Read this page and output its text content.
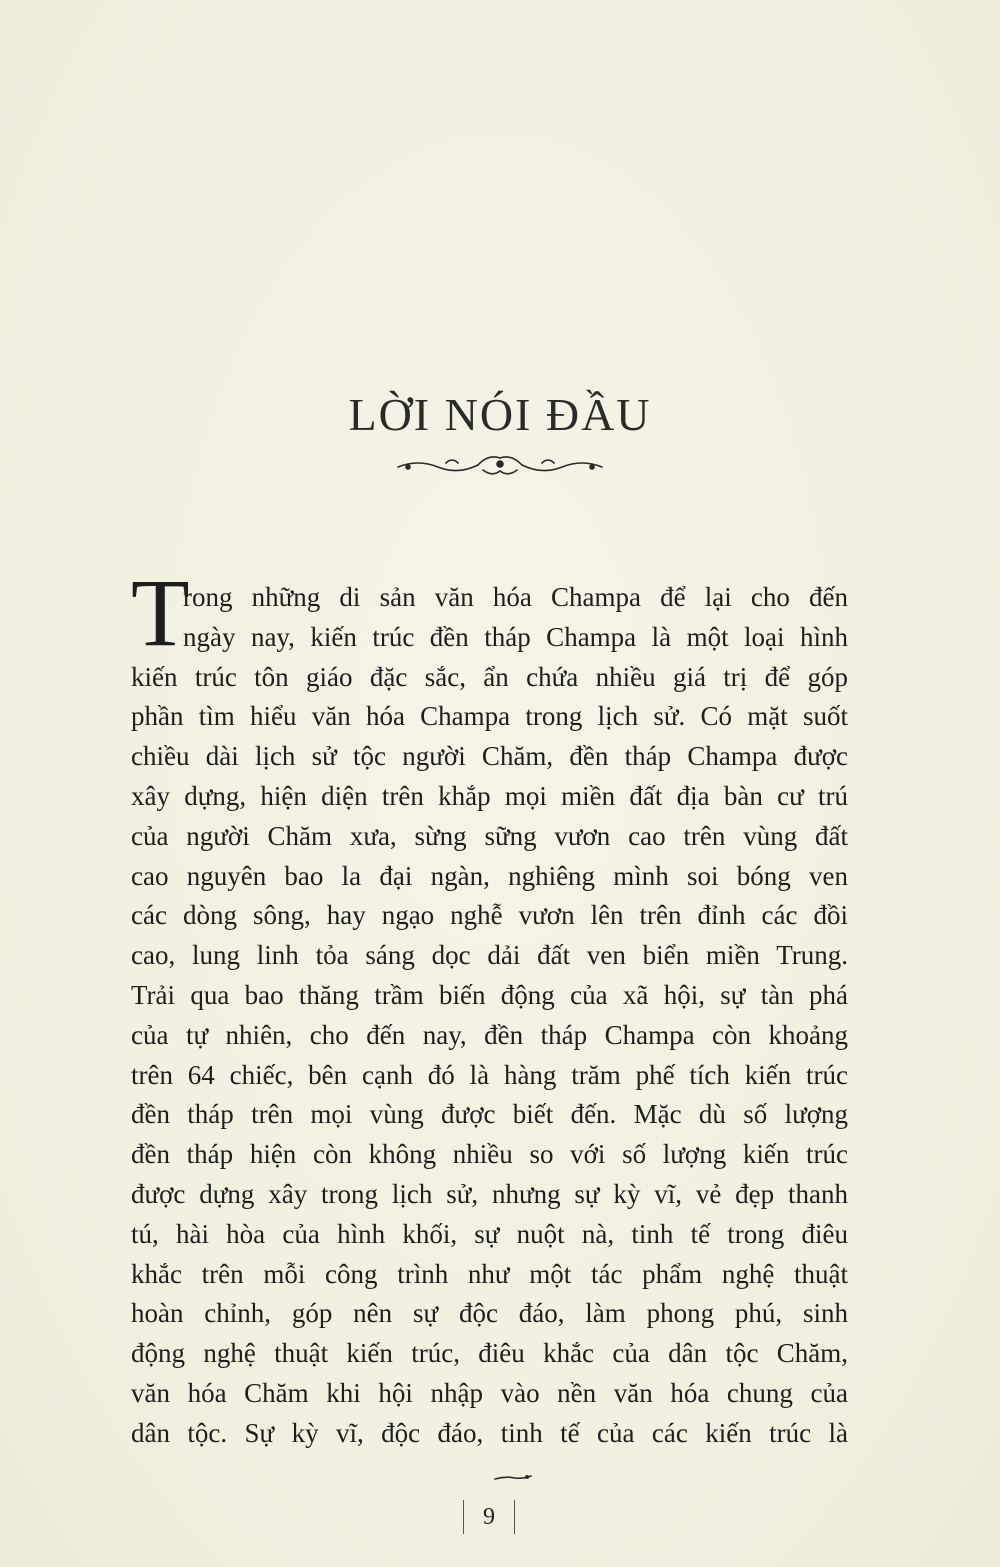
LỜI NÓI ĐẦU
T
rong những di sản văn hóa Champa để lại cho đến
ngày nay, kiến trúc đền tháp Champa là một loại hình
kiến trúc tôn giáo đặc sắc, ẩn chứa nhiều giá trị để góp
phần tìm hiểu văn hóa Champa trong lịch sử. Có mặt suốt
chiều dài lịch sử tộc người Chăm, đền tháp Champa được
xây dựng, hiện diện trên khắp mọi miền đất địa bàn cư trú
của người Chăm xưa, sừng sững vươn cao trên vùng đất
cao nguyên bao la đại ngàn, nghiêng mình soi bóng ven
các dòng sông, hay ngạo nghễ vươn lên trên đỉnh các đồi
cao, lung linh tỏa sáng dọc dải đất ven biển miền Trung.
Trải qua bao thăng trầm biến động của xã hội, sự tàn phá
của tự nhiên, cho đến nay, đền tháp Champa còn khoảng
trên 64 chiếc, bên cạnh đó là hàng trăm phế tích kiến trúc
đền tháp trên mọi vùng được biết đến. Mặc dù số lượng
đền tháp hiện còn không nhiều so với số lượng kiến trúc
được dựng xây trong lịch sử, nhưng sự kỳ vĩ, vẻ đẹp thanh
tú, hài hòa của hình khối, sự nuột nà, tinh tế trong điêu
khắc trên mỗi công trình như một tác phẩm nghệ thuật
hoàn chỉnh, góp nên sự độc đáo, làm phong phú, sinh
động nghệ thuật kiến trúc, điêu khắc của dân tộc Chăm,
văn hóa Chăm khi hội nhập vào nền văn hóa chung của
dân tộc. Sự kỳ vĩ, độc đáo, tinh tế của các kiến trúc là
9
